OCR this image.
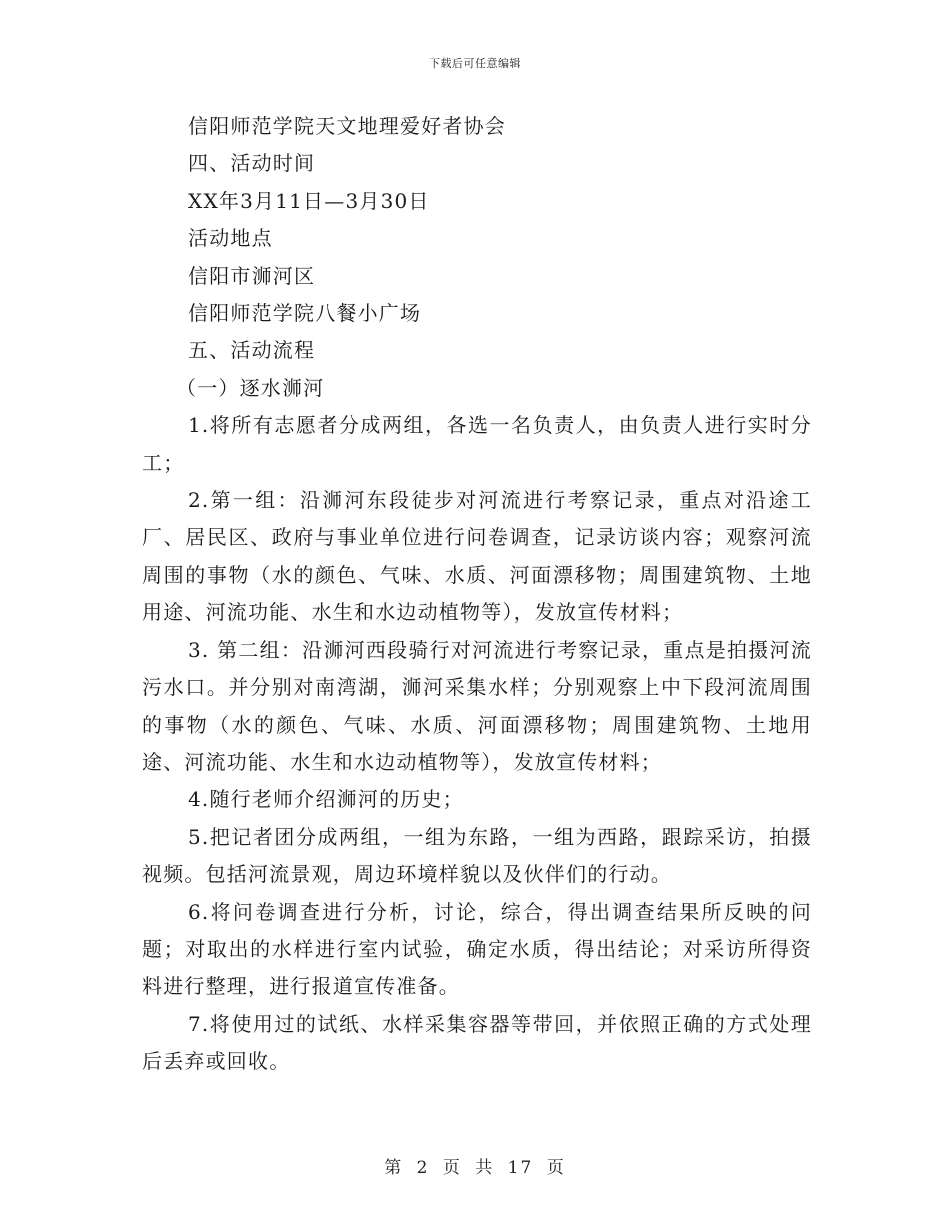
下载后可任意编辑

信阳师范学院天文地理爱好者协会

四、活动时间

XX年3月11日—3月30日

活动地点

信阳市浉河区

信阳师范学院八餐小广场

五、活动流程

（一）逐水浉河

1.将所有志愿者分成两组，各选一名负责人，由负责人进行实时分工；

2.第一组：沿浉河东段徒步对河流进行考察记录，重点对沿途工厂、居民区、政府与事业单位进行问卷调查，记录访谈内容；观察河流周围的事物（水的颜色、气味、水质、河面漂移物；周围建筑物、土地用途、河流功能、水生和水边动植物等），发放宣传材料；

3. 第二组：沿浉河西段骑行对河流进行考察记录，重点是拍摄河流污水口。并分别对南湾湖，浉河采集水样；分别观察上中下段河流周围的事物（水的颜色、气味、水质、河面漂移物；周围建筑物、土地用途、河流功能、水生和水边动植物等），发放宣传材料；

4.随行老师介绍浉河的历史；

5.把记者团分成两组，一组为东路，一组为西路，跟踪采访，拍摄视频。包括河流景观，周边环境样貌以及伙伴们的行动。

6.将问卷调查进行分析，讨论，综合，得出调查结果所反映的问题；对取出的水样进行室内试验，确定水质，得出结论；对采访所得资料进行整理，进行报道宣传准备。

7.将使用过的试纸、水样采集容器等带回，并依照正确的方式处理后丢弃或回收。

第 2 页 共 17 页
